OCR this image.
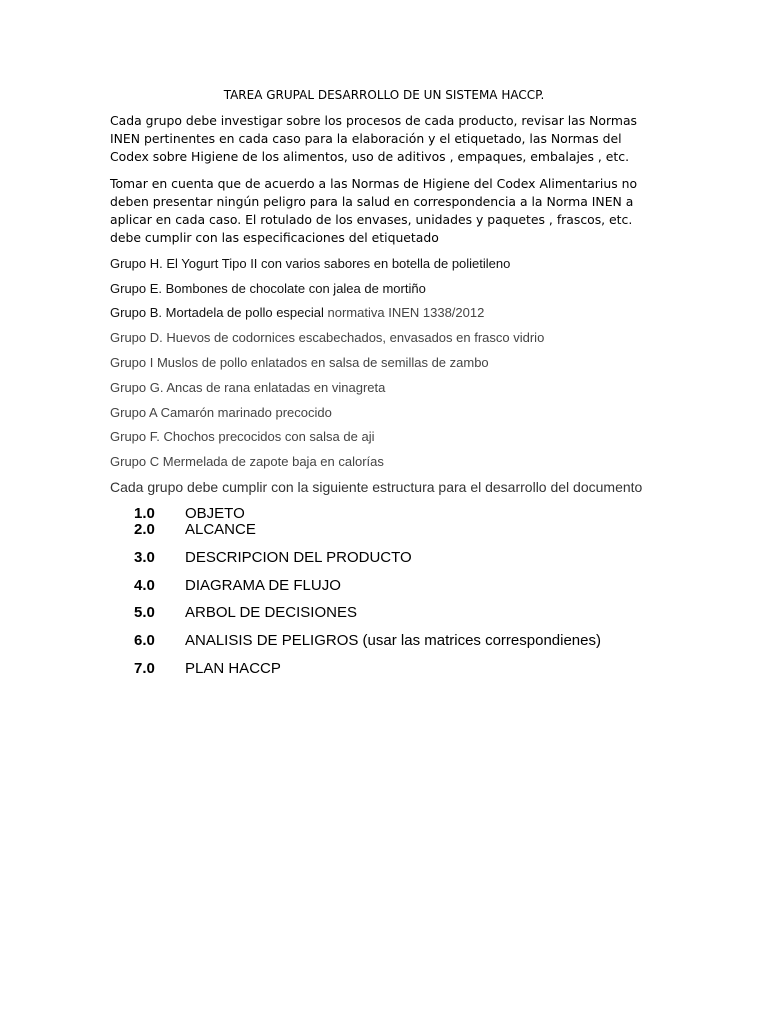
TAREA GRUPAL DESARROLLO DE UN SISTEMA HACCP.
Cada grupo debe investigar sobre los procesos de cada producto, revisar las Normas INEN pertinentes en cada caso para la elaboración y el etiquetado, las Normas del Codex sobre Higiene de los alimentos, uso de aditivos , empaques, embalajes , etc.
Tomar en cuenta que de acuerdo a las Normas de Higiene del Codex Alimentarius no deben presentar ningún peligro para la salud en correspondencia a la Norma INEN a aplicar en cada caso. El rotulado de los envases, unidades y paquetes , frascos, etc. debe cumplir con las especificaciones del etiquetado
Grupo H. El Yogurt Tipo II con varios sabores en botella de polietileno
Grupo E. Bombones de chocolate con jalea de mortiño
Grupo B. Mortadela de pollo especial normativa INEN 1338/2012
Grupo D. Huevos de codornices escabechados, envasados en frasco vidrio
Grupo I Muslos de pollo enlatados en salsa de semillas de zambo
Grupo G. Ancas de rana enlatadas en vinagreta
Grupo A Camarón marinado precocido
Grupo F. Chochos precocidos con salsa de aji
Grupo C Mermelada de zapote baja en calorías
Cada grupo debe cumplir con la siguiente estructura para el desarrollo del documento
1.0 OBJETO
2.0 ALCANCE
3.0 DESCRIPCION DEL PRODUCTO
4.0 DIAGRAMA DE FLUJO
5.0 ARBOL DE DECISIONES
6.0 ANALISIS DE PELIGROS (usar las matrices correspondienes)
7.0 PLAN HACCP
